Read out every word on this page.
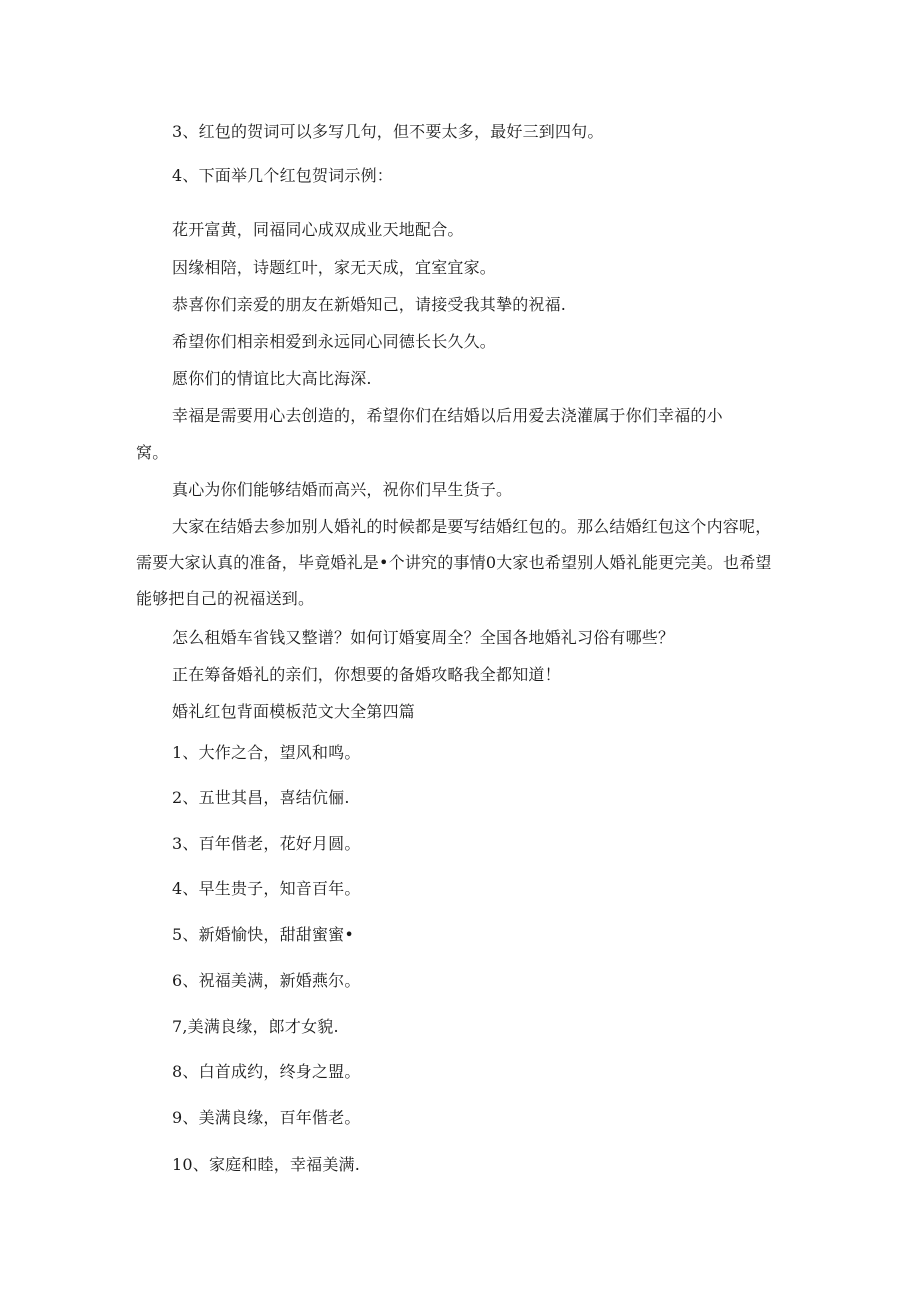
3、红包的贺词可以多写几句，但不要太多，最好三到四句。
4、下面举几个红包贺词示例：
花开富黄，同福同心成双成业天地配合。
因缘相陪，诗题红叶，家无天成，宜室宜家。
恭喜你们亲爱的朋友在新婚知己，请接受我其摯的祝福.
希望你们相亲相爱到永远同心同德长长久久。
愿你们的情谊比大高比海深.
幸福是需要用心去创造的，希望你们在结婚以后用爱去浇灌属于你们幸福的小
窝。
真心为你们能够结婚而高兴，祝你们早生货子。

大家在结婚去参加别人婚礼的时候都是要写结婚红包的。那么结婚红包这个内容呢，需要大家认真的准备，毕竟婚礼是•个讲究的事情0大家也希望别人婚礼能更完美。也希望能够把自己的祝福送到。

怎么租婚车省钱又整谱？如何订婚宴周全？全国各地婚礼习俗有哪些？
正在筹备婚礼的亲们，你想要的备婚攻略我全都知道！
婚礼红包背面模板范文大全第四篇
1、大作之合，望风和鸣。
2、五世其昌，喜结伉俪.
3、百年偕老，花好月圆。
4、早生贵子，知音百年。
5、新婚愉快，甜甜蜜蜜•
6、祝福美满，新婚燕尔。
7,美满良缘，郎才女貌.
8、白首成约，终身之盟。
9、美满良缘，百年偕老。
10、家庭和睦，幸福美满.
